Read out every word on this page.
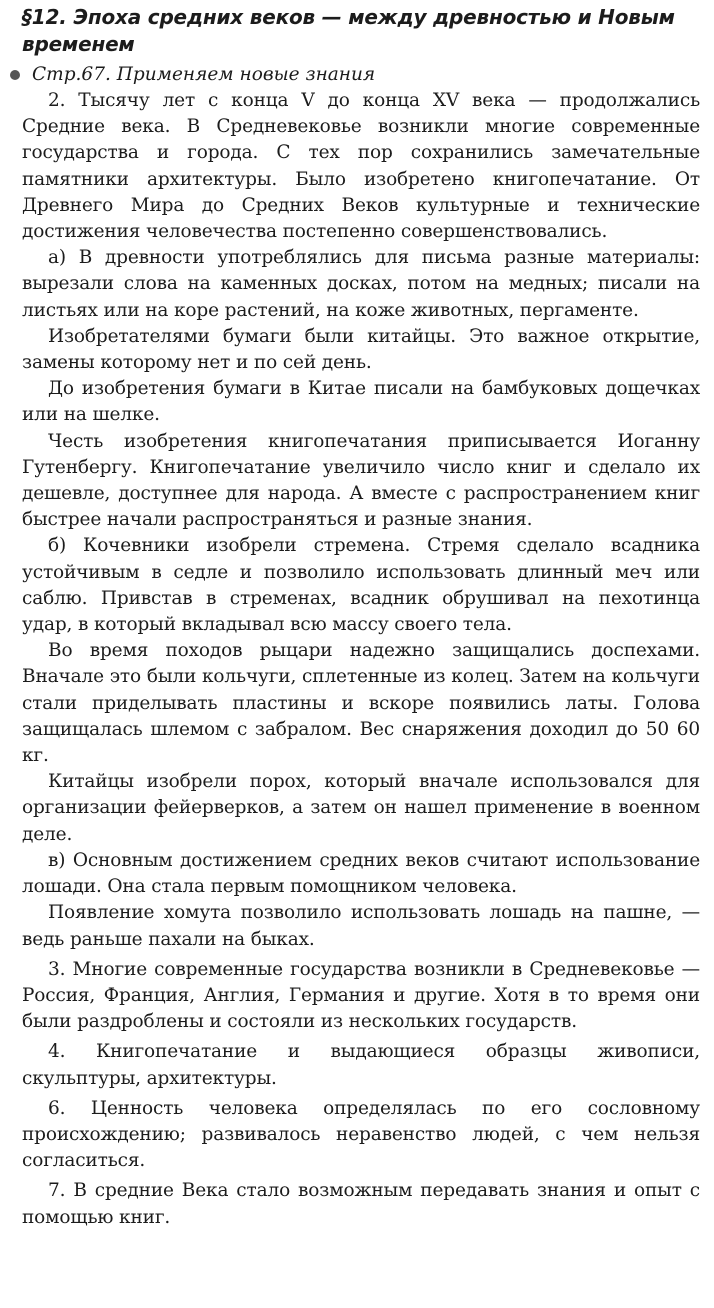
§12. Эпоха средних веков — между древностью и Новым временем
Стр.67. Применяем новые знания

2. Тысячу лет с конца V до конца XV века — продолжались Средние века. В Средневековье возникли многие современные государства и города. С тех пор сохранились замечательные памятники архитектуры. Было изобретено книгопечатание. От Древнего Мира до Средних Веков культурные и технические достижения человечества постепенно совершенствовались.

а) В древности употреблялись для письма разные материалы: вырезали слова на каменных досках, потом на медных; писали на листьях или на коре растений, на коже животных, пергаменте.

Изобретателями бумаги были китайцы. Это важное открытие, замены которому нет и по сей день.

До изобретения бумаги в Китае писали на бамбуковых дощечках или на шелке.

Честь изобретения книгопечатания приписывается Иоганну Гутенбергу. Книгопечатание увеличило число книг и сделало их дешевле, доступнее для народа. А вместе с распространением книг быстрее начали распространяться и разные знания.

б) Кочевники изобрели стремена. Стремя сделало всадника устойчивым в седле и позволило использовать длинный меч или саблю. Привстав в стременах, всадник обрушивал на пехотинца удар, в который вкладывал всю массу своего тела.

Во время походов рыцари надежно защищались доспехами. Вначале это были кольчуги, сплетенные из колец. Затем на кольчуги стали приделывать пластины и вскоре появились латы. Голова защищалась шлемом с забралом. Вес снаряжения доходил до 50 60 кг.

Китайцы изобрели порох, который вначале использовался для организации фейерверков, а затем он нашел применение в военном деле.

в) Основным достижением средних веков считают использование лошади. Она стала первым помощником человека.

Появление хомута позволило использовать лошадь на пашне, — ведь раньше пахали на быках.

3. Многие современные государства возникли в Средневековье — Россия, Франция, Англия, Германия и другие. Хотя в то время они были раздроблены и состояли из нескольких государств.

4. Книгопечатание и выдающиеся образцы живописи, скульптуры, архитектуры.

6. Ценность человека определялась по его сословному происхождению; развивалось неравенство людей, с чем нельзя согласиться.

7. В средние Века стало возможным передавать знания и опыт с помощью книг.
